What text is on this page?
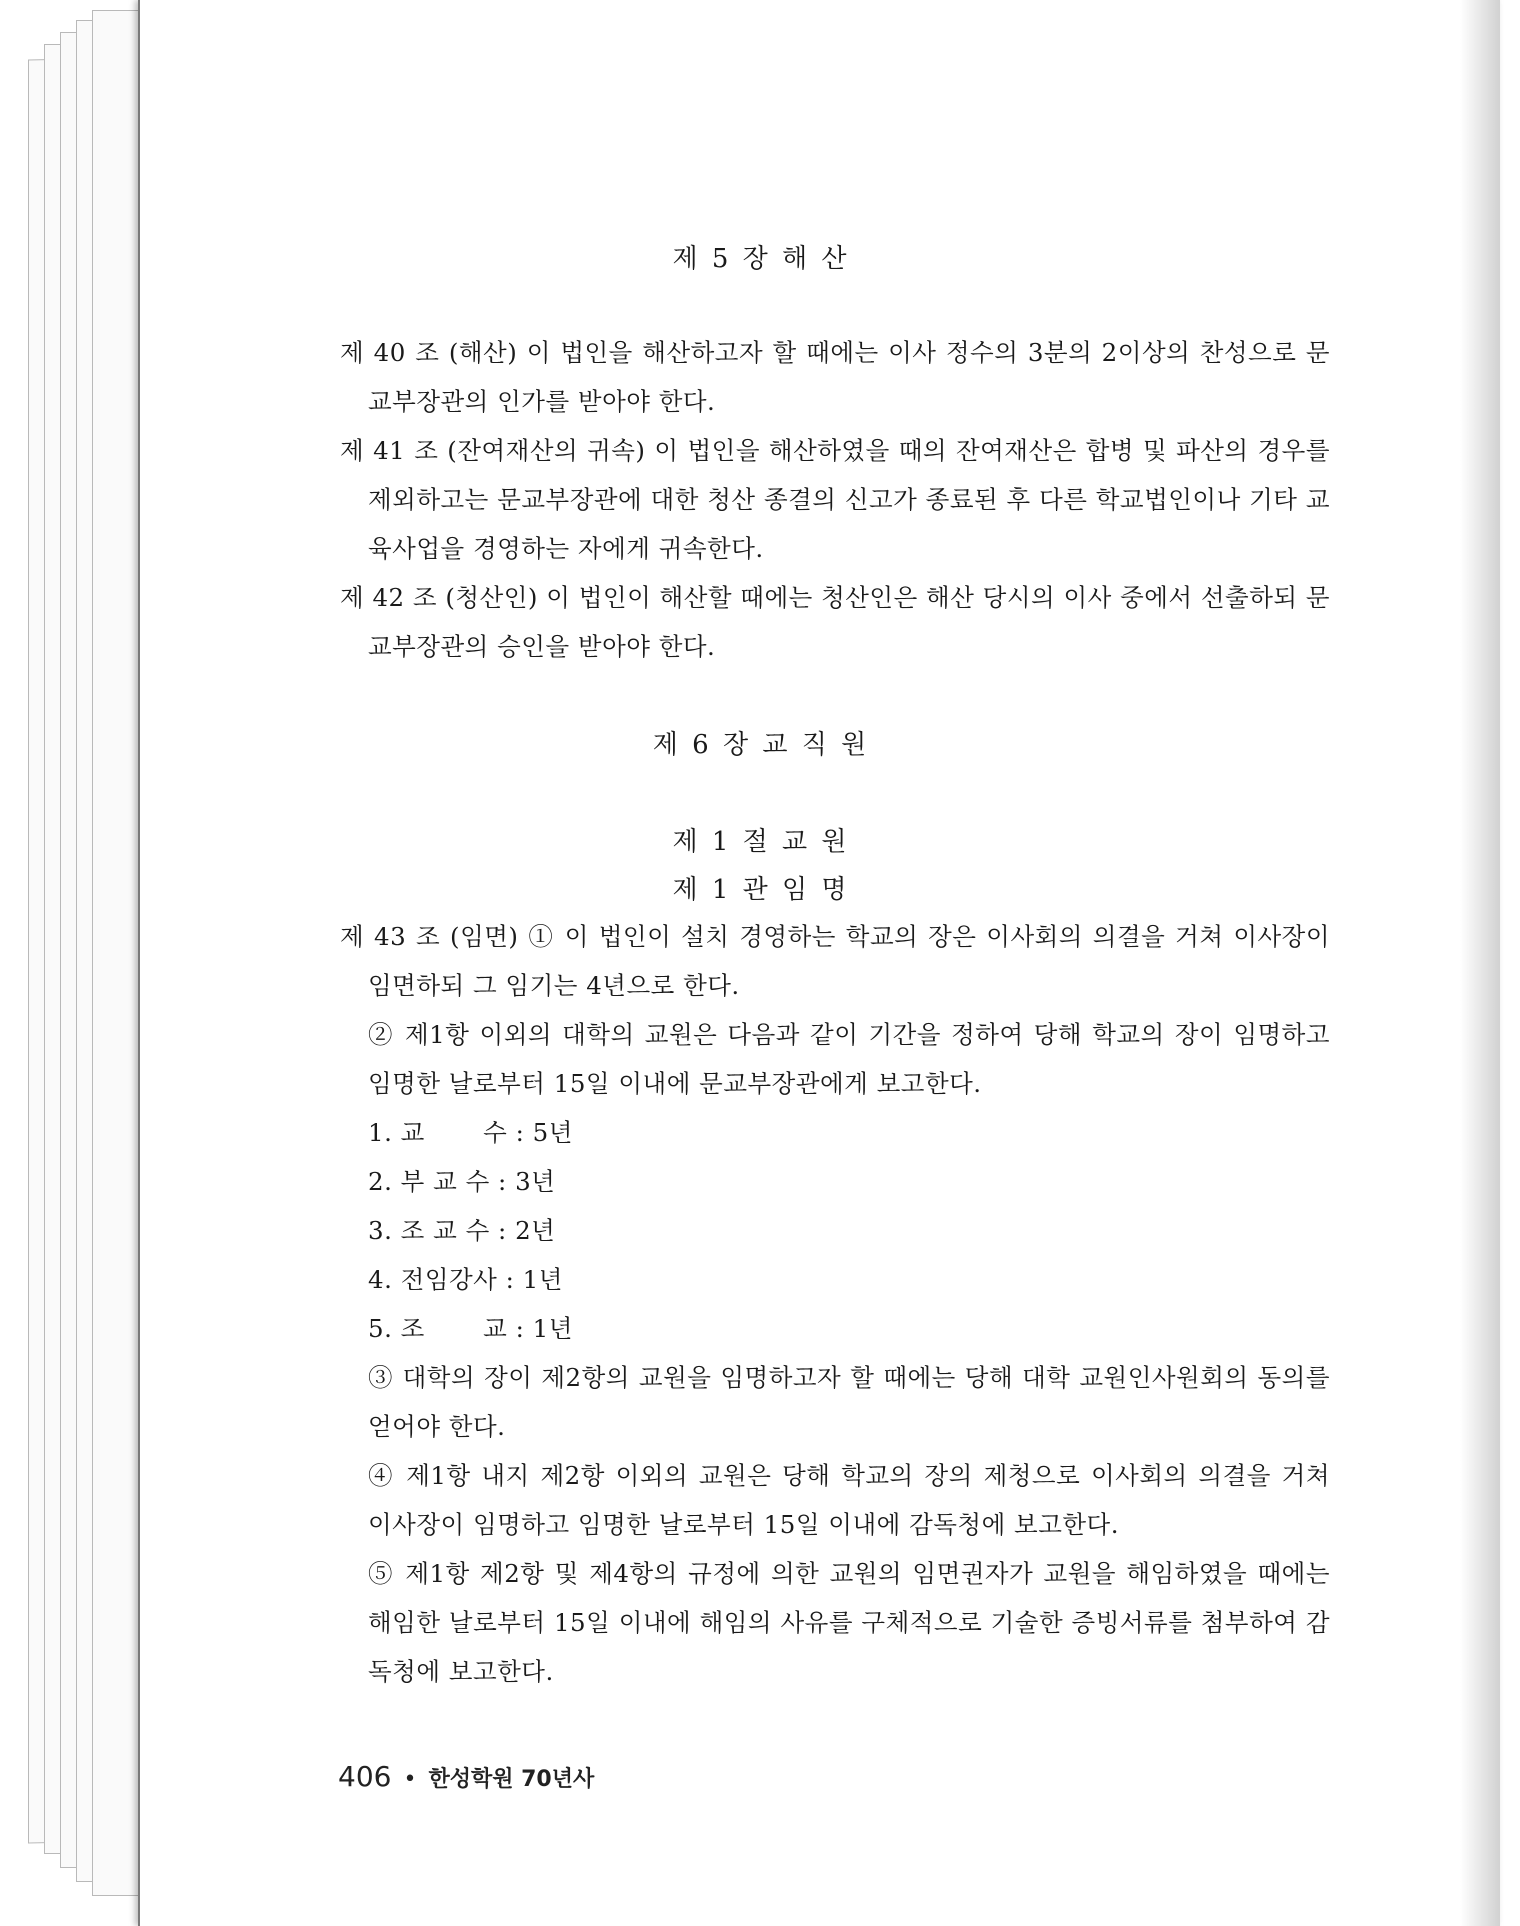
제 5 장 해 산
제 40 조 (해산) 이 법인을 해산하고자 할 때에는 이사 정수의 3분의 2이상의 찬성으로 문교부장관의 인가를 받아야 한다.
제 41 조 (잔여재산의 귀속) 이 법인을 해산하였을 때의 잔여재산은 합병 및 파산의 경우를 제외하고는 문교부장관에 대한 청산 종결의 신고가 종료된 후 다른 학교법인이나 기타 교육사업을 경영하는 자에게 귀속한다.
제 42 조 (청산인) 이 법인이 해산할 때에는 청산인은 해산 당시의 이사 중에서 선출하되 문교부장관의 승인을 받아야 한다.
제 6 장 교 직 원
제 1 절 교 원
제 1 관 임 명
제 43 조 (임면) ① 이 법인이 설치 경영하는 학교의 장은 이사회의 의결을 거쳐 이사장이 임면하되 그 임기는 4년으로 한다.
② 제1항 이외의 대학의 교원은 다음과 같이 기간을 정하여 당해 학교의 장이 임명하고 임명한 날로부터 15일 이내에 문교부장관에게 보고한다.
1. 교　　 수 : 5년
2. 부 교 수 : 3년
3. 조 교 수 : 2년
4. 전임강사 : 1년
5. 조　　 교 : 1년
③ 대학의 장이 제2항의 교원을 임명하고자 할 때에는 당해 대학 교원인사원회의 동의를 얻어야 한다.
④ 제1항 내지 제2항 이외의 교원은 당해 학교의 장의 제청으로 이사회의 의결을 거쳐 이사장이 임명하고 임명한 날로부터 15일 이내에 감독청에 보고한다.
⑤ 제1항 제2항 및 제4항의 규정에 의한 교원의 임면권자가 교원을 해임하였을 때에는 해임한 날로부터 15일 이내에 해임의 사유를 구체적으로 기술한 증빙서류를 첨부하여 감독청에 보고한다.
406 • 한성학원 70년사
